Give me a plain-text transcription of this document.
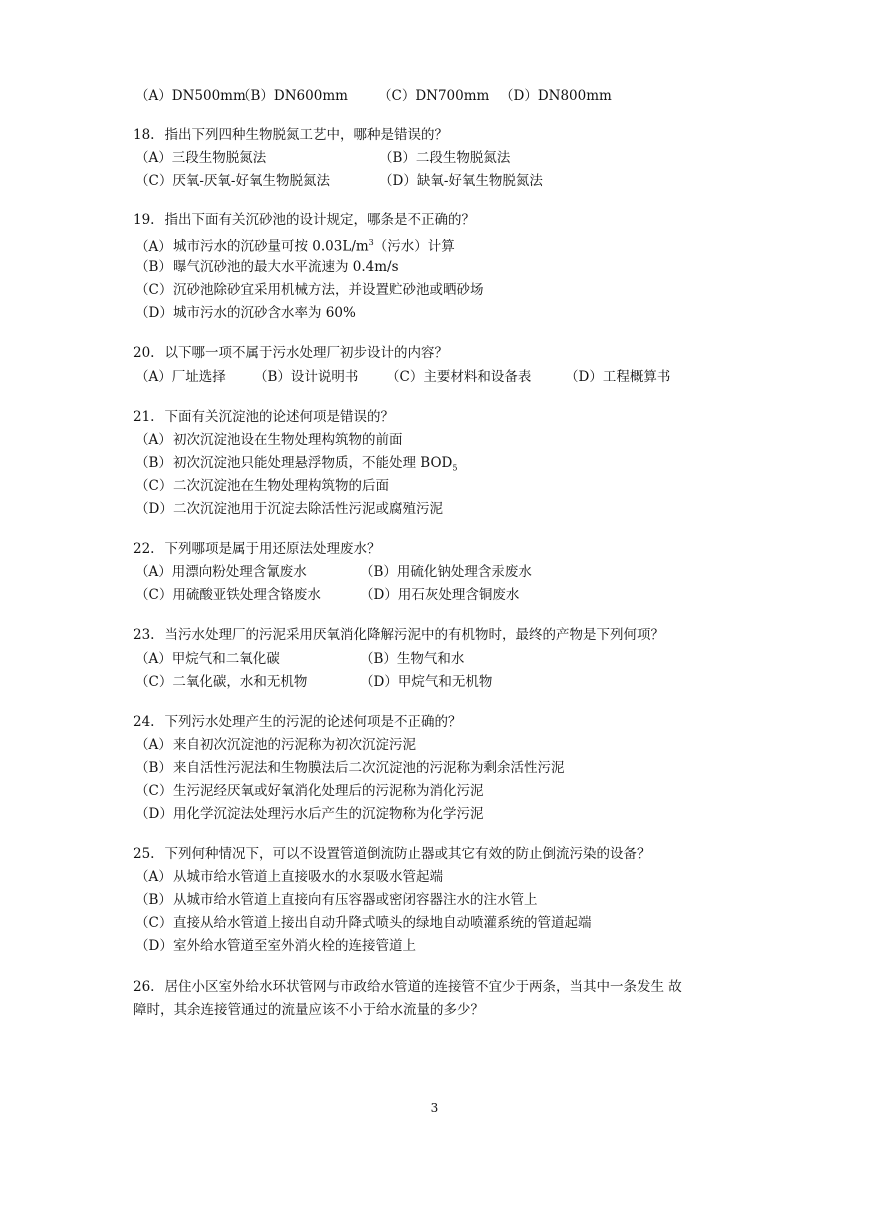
（A）DN500mm
（B）DN600mm （C）DN700mm （D）DN800mm
18. 指出下列四种生物脱氮工艺中，哪种是错误的？
（A）三段生物脱氮法	（B）二段生物脱氮法
（C）厌氧-厌氧-好氧生物脱氮法	（D）缺氧-好氧生物脱氮法
19. 指出下面有关沉砂池的设计规定，哪条是不正确的？
（A）城市污水的沉砂量可按 $0.03L/m^3$（污水）计算
（B）曝气沉砂池的最大水平流速为 0.4m/s
（C）沉砂池除砂宜采用机械方法，并设置贮砂池或晒砂场
（D）城市污水的沉砂含水率为 60%
20. 以下哪一项不属于污水处理厂初步设计的内容？
（A）厂址选择 （B）设计说明书 （C）主要材料和设备表 （D）工程概算书
21. 下面有关沉淀池的论述何项是错误的？
（A）初次沉淀池设在生物处理构筑物的前面
（B）初次沉淀池只能处理悬浮物质，不能处理 $BOD_5$
（C）二次沉淀池在生物处理构筑物的后面
（D）二次沉淀池用于沉淀去除活性污泥或腐殖污泥
22. 下列哪项是属于用还原法处理废水？
（A）用漂向粉处理含氰废水	（B）用硫化钠处理含汞废水
（C）用硫酸亚铁处理含铬废水	（D）用石灰处理含铜废水
23. 当污水处理厂的污泥采用厌氧消化降解污泥中的有机物时，最终的产物是下列何项？
（A）甲烷气和二氧化碳	（B）生物气和水
（C）二氧化碳，水和无机物	（D）甲烷气和无机物
24. 下列污水处理产生的污泥的论述何项是不正确的？
（A）来自初次沉淀池的污泥称为初次沉淀污泥
（B）来自活性污泥法和生物膜法后二次沉淀池的污泥称为剩余活性污泥
（C）生污泥经厌氧或好氧消化处理后的污泥称为消化污泥
（D）用化学沉淀法处理污水后产生的沉淀物称为化学污泥
25. 下列何种情况下，可以不设置管道倒流防止器或其它有效的防止倒流污染的设备？
（A）从城市给水管道上直接吸水的水泵吸水管起端
（B）从城市给水管道上直接向有压容器或密闭容器注水的注水管上
（C）直接从给水管道上接出自动升降式喷头的绿地自动喷灌系统的管道起端
（D）室外给水管道至室外消火栓的连接管道上
26. 居住小区室外给水环状管网与市政给水管道的连接管不宜少于两条，当其中一条发生 故
障时，其余连接管通过的流量应该不小于给水流量的多少？
3
